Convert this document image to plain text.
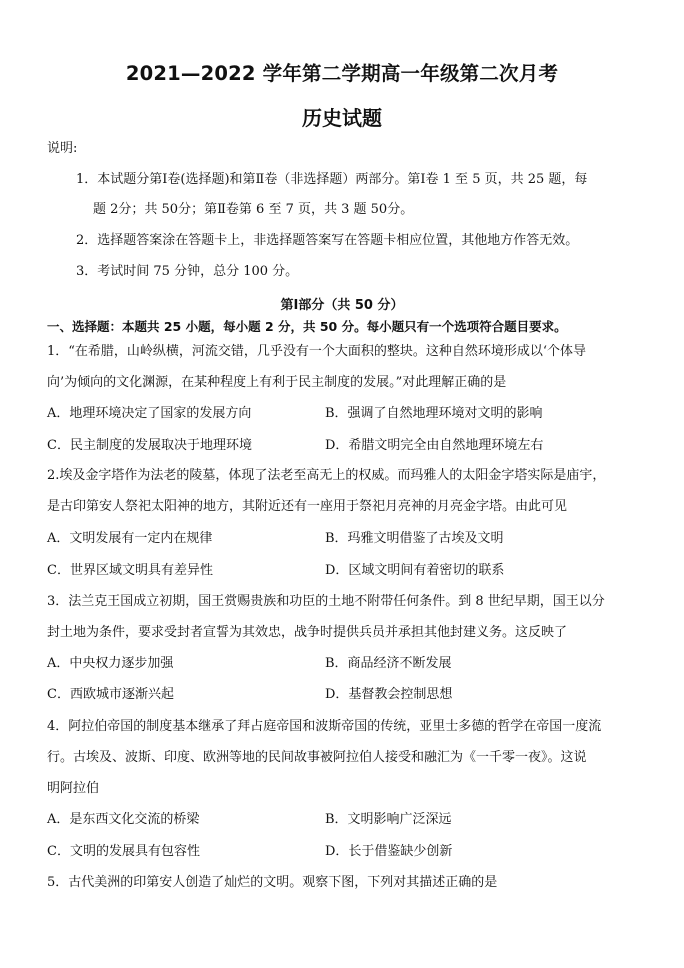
2021—2022 学年第二学期高一年级第二次月考
历史试题
说明:
1．本试题分第Ⅰ卷(选择题)和第Ⅱ卷（非选择题）两部分。第Ⅰ卷 1 至 5 页，共 25 题，每
题 2分；共 50分；第Ⅱ卷第 6 至 7 页，共 3 题 50分。
2．选择题答案涂在答题卡上，非选择题答案写在答题卡相应位置，其他地方作答无效。
3．考试时间 75 分钟，总分 100 分。
第Ⅰ部分（共 50 分）
一、选择题：本题共 25 小题，每小题 2 分，共 50 分。每小题只有一个选项符合题目要求。
1．“在希腊，山岭纵横，河流交错，几乎没有一个大面积的整块。这种自然环境形成以‘个体导
向’为倾向的文化渊源，在某种程度上有利于民主制度的发展。”对此理解正确的是
A．地理环境决定了国家的发展方向	B．强调了自然地理环境对文明的影响
C．民主制度的发展取决于地理环境	D．希腊文明完全由自然地理环境左右
2.埃及金字塔作为法老的陵墓，体现了法老至高无上的权威。而玛雅人的太阳金字塔实际是庙宇，
是古印第安人祭祀太阳神的地方，其附近还有一座用于祭祀月亮神的月亮金字塔。由此可见
A．文明发展有一定内在规律	B．玛雅文明借鉴了古埃及文明
C．世界区域文明具有差异性	D．区域文明间有着密切的联系
3．法兰克王国成立初期，国王赏赐贵族和功臣的土地不附带任何条件。到 8 世纪早期，国王以分
封土地为条件，要求受封者宣誓为其效忠，战争时提供兵员并承担其他封建义务。这反映了
A．中央权力逐步加强	B．商品经济不断发展
C．西欧城市逐渐兴起	D．基督教会控制思想
4．阿拉伯帝国的制度基本继承了拜占庭帝国和波斯帝国的传统，亚里士多德的哲学在帝国一度流
行。古埃及、波斯、印度、欧洲等地的民间故事被阿拉伯人接受和融汇为《一千零一夜》。这说
明阿拉伯
A．是东西文化交流的桥梁	B．文明影响广泛深远
C．文明的发展具有包容性	D．长于借鉴缺少创新
5．古代美洲的印第安人创造了灿烂的文明。观察下图，下列对其描述正确的是
